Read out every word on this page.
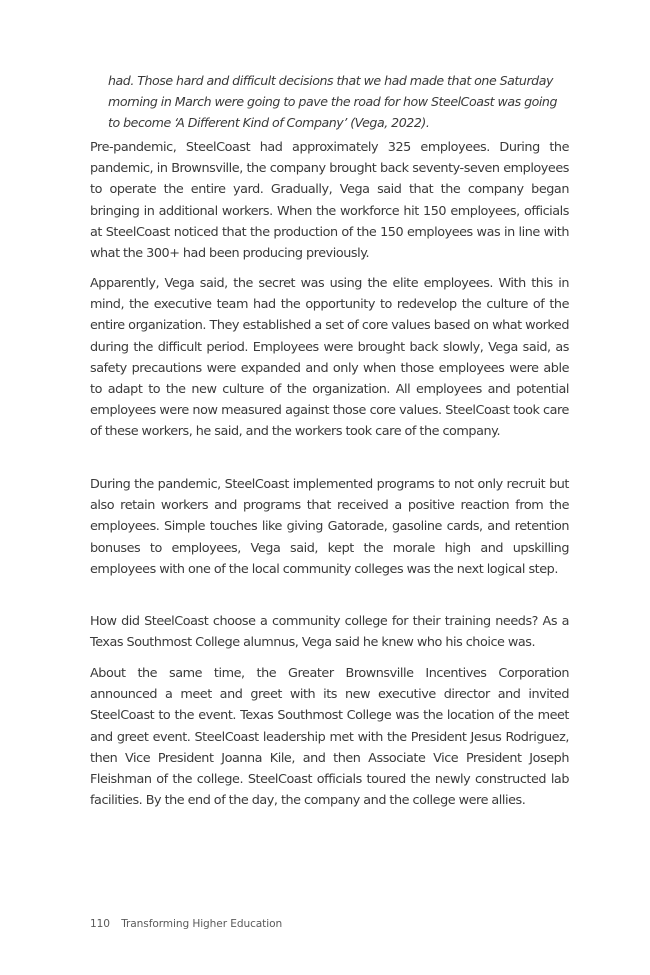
had. Those hard and difficult decisions that we had made that one Saturday morning in March were going to pave the road for how SteelCoast was going to become ‘A Different Kind of Company’ (Vega, 2022).

Pre-pandemic, SteelCoast had approximately 325 employees. During the pandemic, in Brownsville, the company brought back seventy-seven employees to operate the entire yard. Gradually, Vega said that the company began bringing in additional workers. When the workforce hit 150 employees, officials at SteelCoast noticed that the production of the 150 employees was in line with what the 300+ had been producing previously.

Apparently, Vega said, the secret was using the elite employees. With this in mind, the executive team had the opportunity to redevelop the culture of the entire organization. They established a set of core values based on what worked during the difficult period. Employees were brought back slowly, Vega said, as safety precautions were expanded and only when those employees were able to adapt to the new culture of the organization. All employees and potential employees were now measured against those core values. SteelCoast took care of these workers, he said, and the workers took care of the company.

During the pandemic, SteelCoast implemented programs to not only recruit but also retain workers and programs that received a positive reaction from the employees. Simple touches like giving Gatorade, gasoline cards, and retention bonuses to employees, Vega said, kept the morale high and upskilling employees with one of the local community colleges was the next logical step.

How did SteelCoast choose a community college for their training needs? As a Texas Southmost College alumnus, Vega said he knew who his choice was.

About the same time, the Greater Brownsville Incentives Corporation announced a meet and greet with its new executive director and invited SteelCoast to the event. Texas Southmost College was the location of the meet and greet event. SteelCoast leadership met with the President Jesus Rodriguez, then Vice President Joanna Kile, and then Associate Vice President Joseph Fleishman of the college. SteelCoast officials toured the newly constructed lab facilities. By the end of the day, the company and the college were allies.

110 Transforming Higher Education
